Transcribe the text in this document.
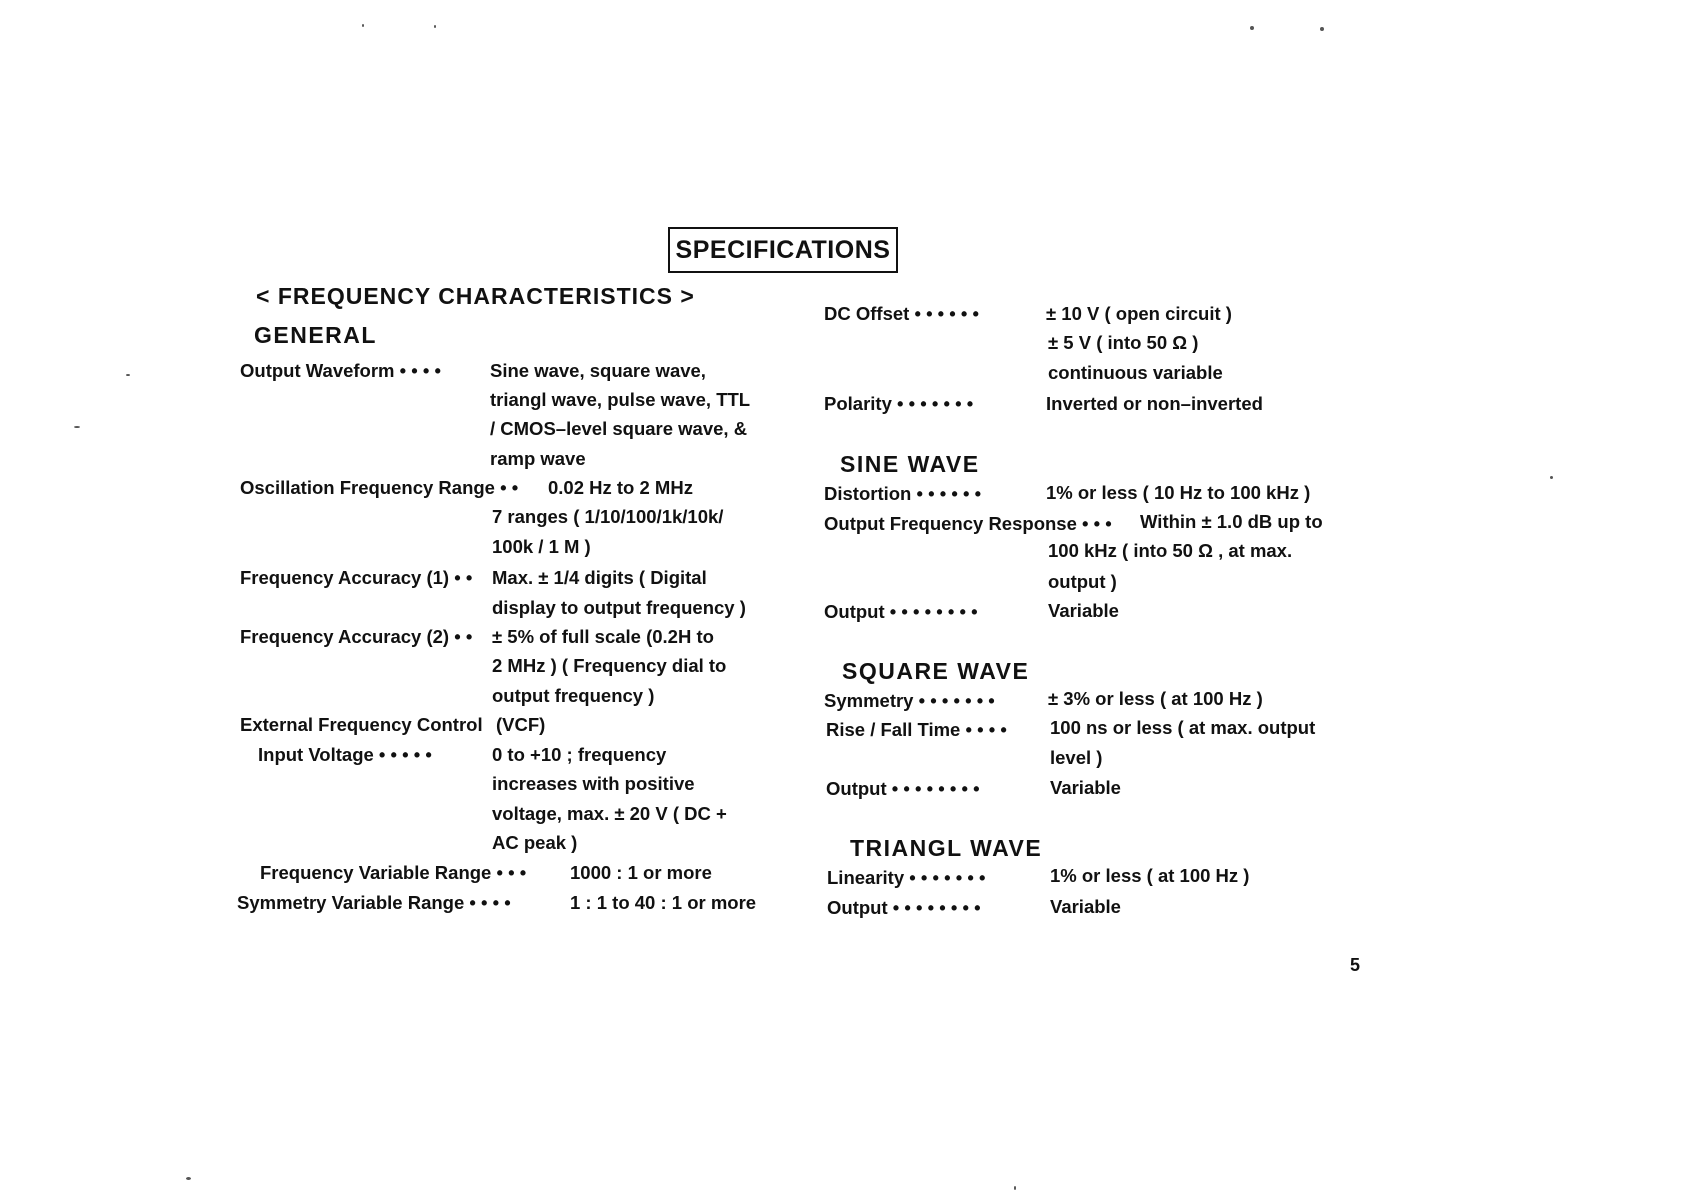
SPECIFICATIONS
< FREQUENCY CHARACTERISTICS >
GENERAL
Output Waveform • • • •	Sine wave, square wave,
triangl wave, pulse wave, TTL
/ CMOS–level square wave, &
ramp wave
Oscillation Frequency Range • • 0.02 Hz to 2 MHz
7 ranges ( 1/10/100/1k/10k/
100k / 1 M )
Frequency Accuracy (1) • • Max. ± 1/4 digits ( Digital
display to output frequency )
Frequency Accuracy (2) • • ± 5% of full scale (0.2H to
2 MHz ) ( Frequency dial to
output frequency )
External Frequency Control (VCF)
Input Voltage • • • • •	0 to +10 ; frequency
increases with positive
voltage, max. ± 20 V ( DC +
AC peak )
Frequency Variable Range • • • 1000 : 1 or more
Symmetry Variable Range • • • •	1 : 1 to 40 : 1 or more
DC Offset • • • • • •	± 10 V ( open circuit )
± 5 V ( into 50 Ω )
continuous variable
Polarity • • • • • • •	Inverted or non–inverted
SINE WAVE
Distortion • • • • • •	1% or less ( 10 Hz to 100 kHz )
Output Frequency Response • • • Within ± 1.0 dB up to
100 kHz ( into 50 Ω , at max.
output )
Output • • • • • • • •	Variable
SQUARE WAVE
Symmetry • • • • • • •	± 3% or less ( at 100 Hz )
Rise / Fall Time • • • • 100 ns or less ( at max. output
level )
Output • • • • • • • •	Variable
TRIANGL WAVE
Linearity • • • • • • •	1% or less ( at 100 Hz )
Output • • • • • • • •	Variable
5
